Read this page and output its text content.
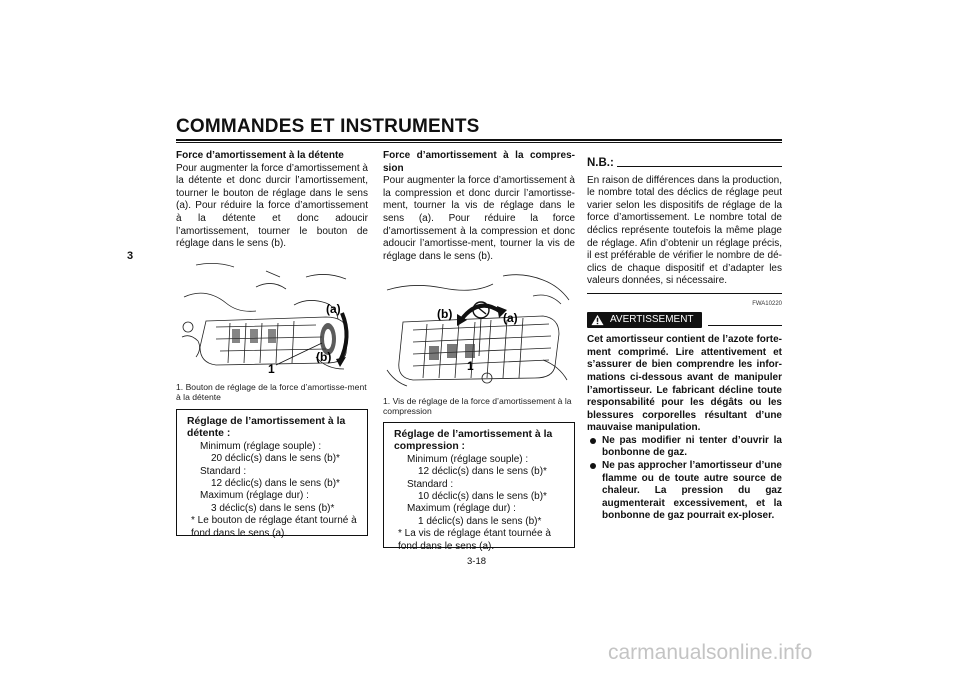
COMMANDES ET INSTRUMENTS
3

Force d’amortissement à la détente

Pour augmenter la force d’amortissement à la détente et donc durcir l’amortissement, tourner le bouton de réglage dans le sens (a). Pour réduire la force d’amortissement à la détente et donc adoucir l’amortissement, tourner le bouton de réglage dans le sens (b).

(a)
(b)
1
1. Bouton de réglage de la force d’amortisse-ment à la détente
Réglage de l’amortissement à la détente :
Minimum (réglage souple) :
20 déclic(s) dans le sens (b)*
Standard :
12 déclic(s) dans le sens (b)*
Maximum (réglage dur) :
3 déclic(s) dans le sens (b)*
* Le bouton de réglage étant tourné à fond dans le sens (a).

Force d’amortissement à la compres-sion

Pour augmenter la force d’amortissement à la compression et donc durcir l’amortisse-ment, tourner la vis de réglage dans le sens (a). Pour réduire la force d’amortissement à la compression et donc adoucir l’amortisse-ment, tourner la vis de réglage dans le sens (b).

(b)	(a)
1
1. Vis de réglage de la force d’amortissement à la compression
Réglage de l’amortissement à la compression :
Minimum (réglage souple) :
12 déclic(s) dans le sens (b)*
Standard :
10 déclic(s) dans le sens (b)*
Maximum (réglage dur) :
1 déclic(s) dans le sens (b)*
* La vis de réglage étant tournée à fond dans le sens (a).
N.B.:

En raison de différences dans la production, le nombre total des déclics de réglage peut varier selon les dispositifs de réglage de la force d’amortissement. Le nombre total de déclics représente toutefois la même plage de réglage. Afin d’obtenir un réglage précis, il est préférable de vérifier le nombre de dé-clics de chaque dispositif et d’adapter les valeurs données, si nécessaire.

FWA10220
AVERTISSEMENT

Cet amortisseur contient de l’azote forte-ment comprimé. Lire attentivement et s’assurer de bien comprendre les infor-mations ci-dessous avant de manipuler l’amortisseur. Le fabricant décline toute responsabilité pour les dégâts ou les blessures corporelles résultant d’une mauvaise manipulation.

Ne pas modifier ni tenter d’ouvrir la bonbonne de gaz.

Ne pas approcher l’amortisseur d’une flamme ou de toute autre source de chaleur. La pression du gaz augmenterait excessivement, et la bonbonne de gaz pourrait ex-ploser.

3-18
carmanualsonline.info
